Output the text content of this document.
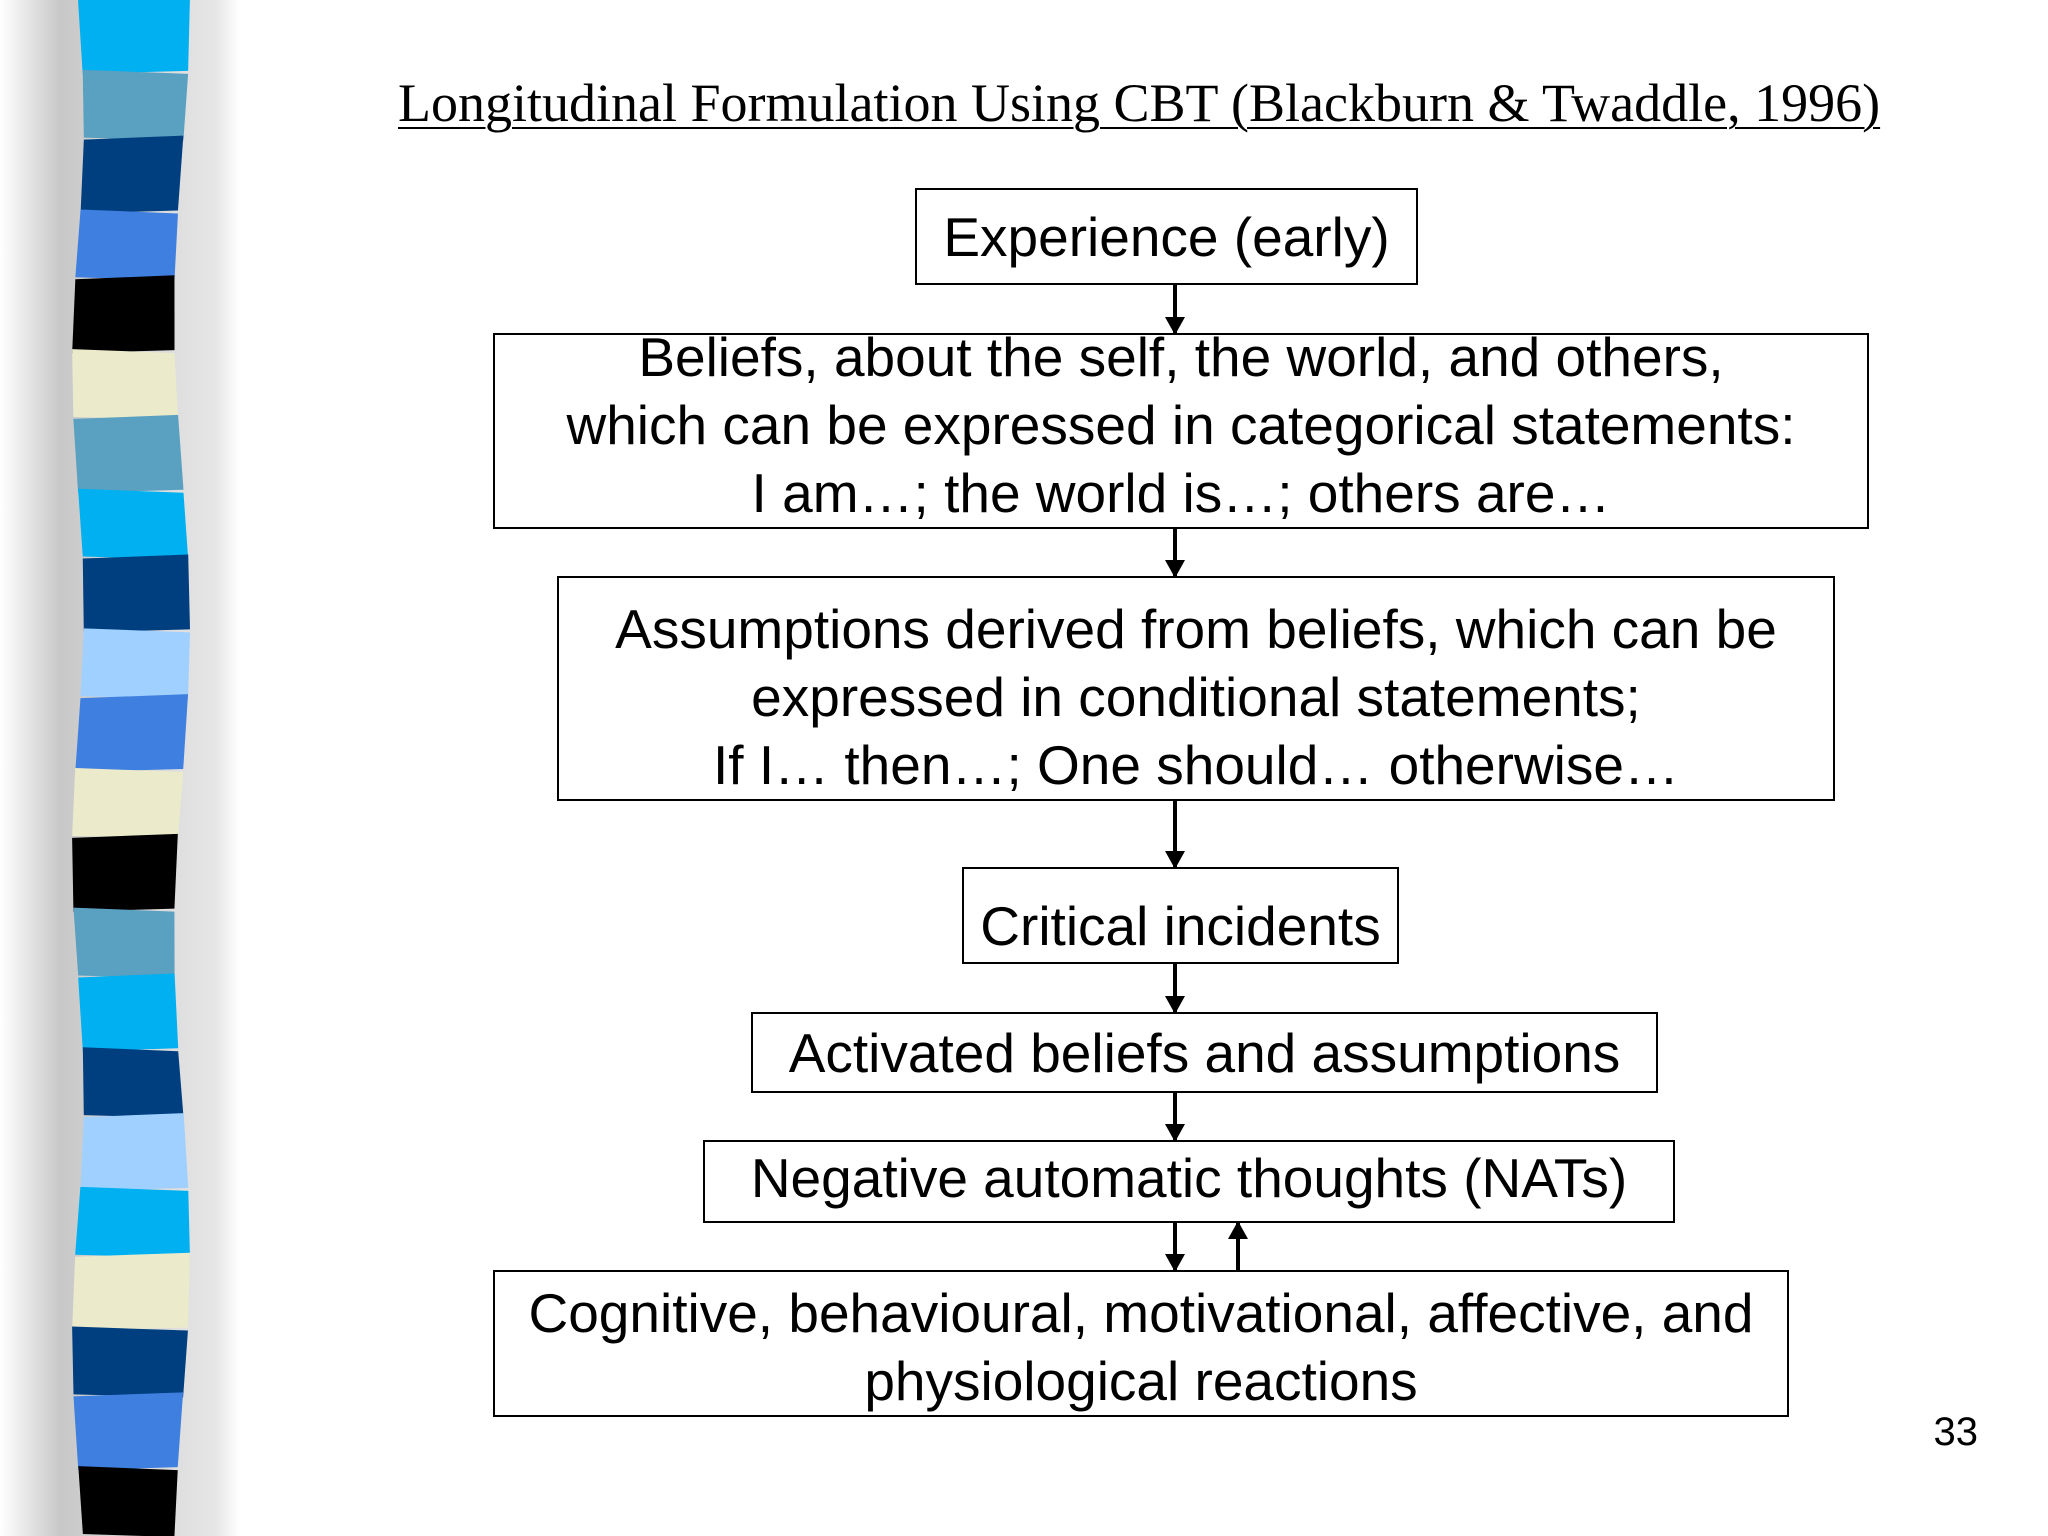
Longitudinal Formulation Using CBT (Blackburn & Twaddle, 1996)
Experience (early)
Beliefs, about the self, the world, and others,
which can be expressed in categorical statements:
I am…; the world is…; others are…
Assumptions derived from beliefs, which can be
expressed in conditional statements;
If I… then…; One should… otherwise…
Critical incidents
Activated beliefs and assumptions
Negative automatic thoughts (NATs)
Cognitive, behavioural, motivational, affective, and
physiological reactions
33
